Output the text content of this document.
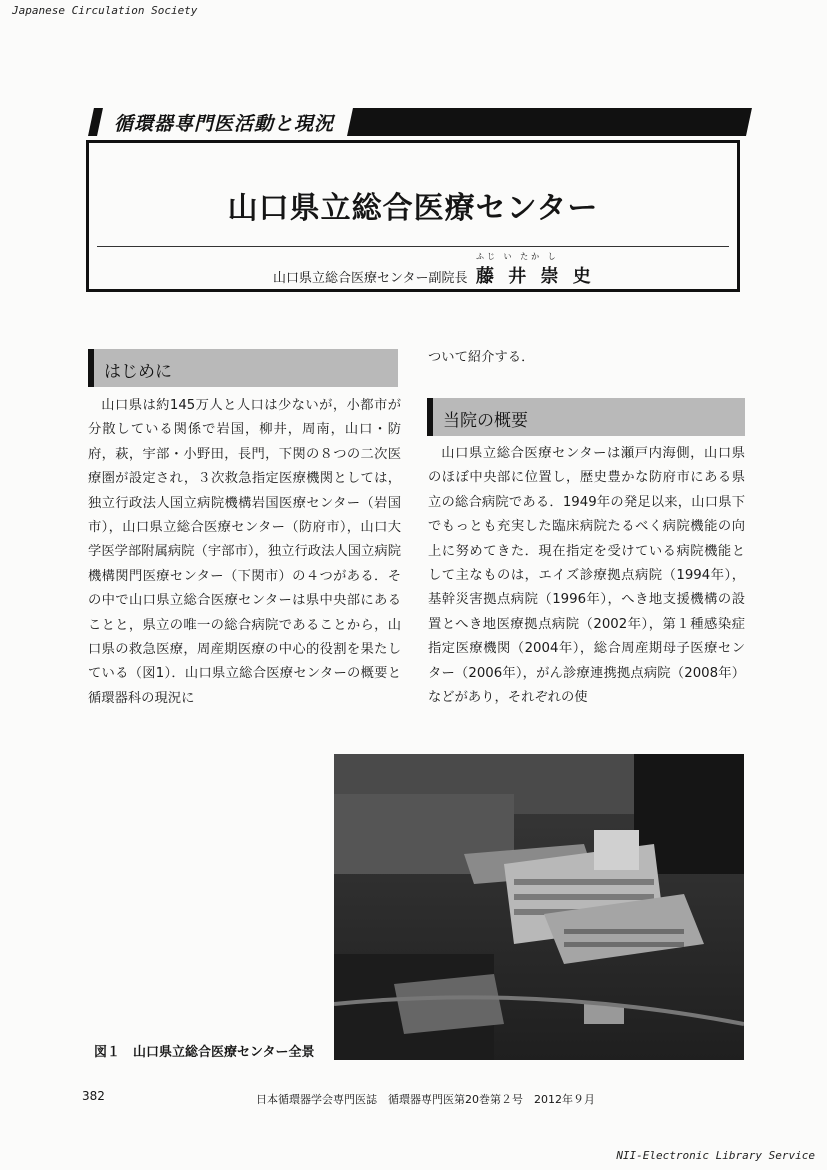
Japanese Circulation Society
循環器専門医活動と現況
山口県立総合医療センター
山口県立総合医療センター副院長
ふじ い たか し
藤 井 崇 史
はじめに

山口県は約145万人と人口は少ないが，小都市が分散している関係で岩国，柳井，周南，山口・防府，萩，宇部・小野田，長門，下関の８つの二次医療圏が設定され，３次救急指定医療機関としては，独立行政法人国立病院機構岩国医療センター（岩国市），山口県立総合医療センター（防府市），山口大学医学部附属病院（宇部市），独立行政法人国立病院機構関門医療センター（下関市）の４つがある．その中で山口県立総合医療センターは県中央部にあることと，県立の唯一の総合病院であることから，山口県の救急医療，周産期医療の中心的役割を果たしている（図1）．山口県立総合医療センターの概要と循環器科の現況に

ついて紹介する．

当院の概要

山口県立総合医療センターは瀬戸内海側，山口県のほぼ中央部に位置し，歴史豊かな防府市にある県立の総合病院である．1949年の発足以来，山口県下でもっとも充実した臨床病院たるべく病院機能の向上に努めてきた．現在指定を受けている病院機能として主なものは，エイズ診療拠点病院（1994年），基幹災害拠点病院（1996年），へき地支援機構の設置とへき地医療拠点病院（2002年），第１種感染症指定医療機関（2004年），総合周産期母子医療センター（2006年），がん診療連携拠点病院（2008年）などがあり，それぞれの使

図１　山口県立総合医療センター全景
382	日本循環器学会専門医誌　循環器専門医第20巻第２号　2012年９月
NII-Electronic Library Service
